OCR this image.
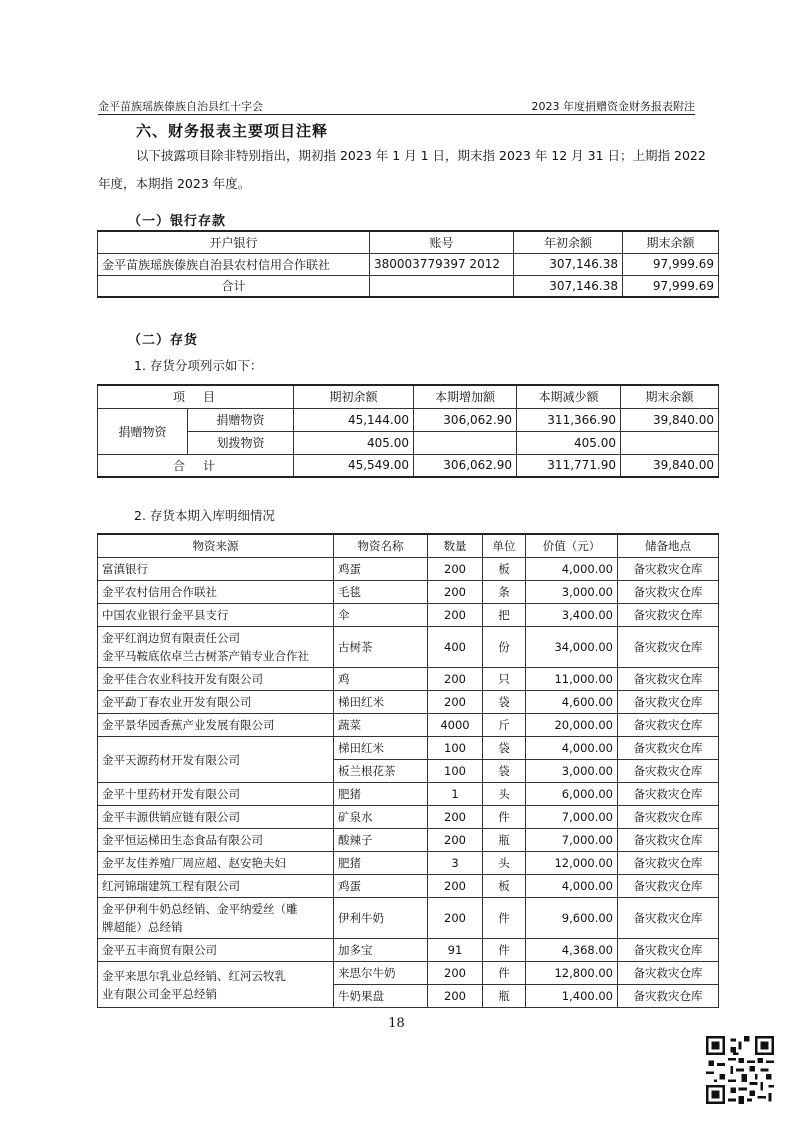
金平苗族瑶族傣族自治县红十字会	2023 年度捐赠资金财务报表附注
六、财务报表主要项目注释
以下披露项目除非特别指出，期初指 2023 年 1 月 1 日，期末指 2023 年 12 月 31 日；上期指 2022 年度，本期指 2023 年度。
（一）银行存款
开户银行	账号	年初余额	期末余额
金平苗族瑶族傣族自治县农村信用合作联社	380003779397 2012	307,146.38	97,999.69
合计		307,146.38	97,999.69
（二）存货
1. 存货分项列示如下：
项　目		期初余额	本期增加额	本期减少额	期末余额
捐赠物资	捐赠物资	45,144.00	306,062.90	311,366.90	39,840.00
	划拨物资	405.00		405.00	
合　计		45,549.00	306,062.90	311,771.90	39,840.00
2. 存货本期入库明细情况
物资来源	物资名称	数量	单位	价值（元）	储备地点

富滇银行	鸡蛋	200	板	4,000.00	备灾救灾仓库

金平农村信用合作联社	毛毯	200	条	3,000.00	备灾救灾仓库

中国农业银行金平县支行	伞	200	把	3,400.00	备灾救灾仓库

金平红润边贸有限责任公司
金平马鞍底依卓兰古树茶产销专业合作社	古树茶	400	份	34,000.00	备灾救灾仓库

金平佳合农业科技开发有限公司	鸡	200	只	11,000.00	备灾救灾仓库

金平勐丁春农业开发有限公司	梯田红米	200	袋	4,600.00	备灾救灾仓库

金平景华园香蕉产业发展有限公司	蔬菜	4000	斤	20,000.00	备灾救灾仓库

金平天源药材开发有限公司	梯田红米	100	袋	4,000.00	备灾救灾仓库
	板兰根花茶	100	袋	3,000.00	备灾救灾仓库

金平十里药材开发有限公司	肥猪	1	头	6,000.00	备灾救灾仓库

金平丰源供销应链有限公司	矿泉水	200	件	7,000.00	备灾救灾仓库

金平恒运梯田生态食品有限公司	酸辣子	200	瓶	7,000.00	备灾救灾仓库

金平友佳养殖厂周应超、赵安艳夫妇	肥猪	3	头	12,000.00	备灾救灾仓库

红河锦瑞建筑工程有限公司	鸡蛋	200	板	4,000.00	备灾救灾仓库

金平伊利牛奶总经销、金平纳爱丝（雕
牌超能）总经销	伊利牛奶	200	件	9,600.00	备灾救灾仓库

金平五丰商贸有限公司	加多宝	91	件	4,368.00	备灾救灾仓库

金平来思尔乳业总经销、红河云牧乳
业有限公司金平总经销	来思尔牛奶	200	件	12,800.00	备灾救灾仓库
	牛奶果盘	200	瓶	1,400.00	备灾救灾仓库
18
